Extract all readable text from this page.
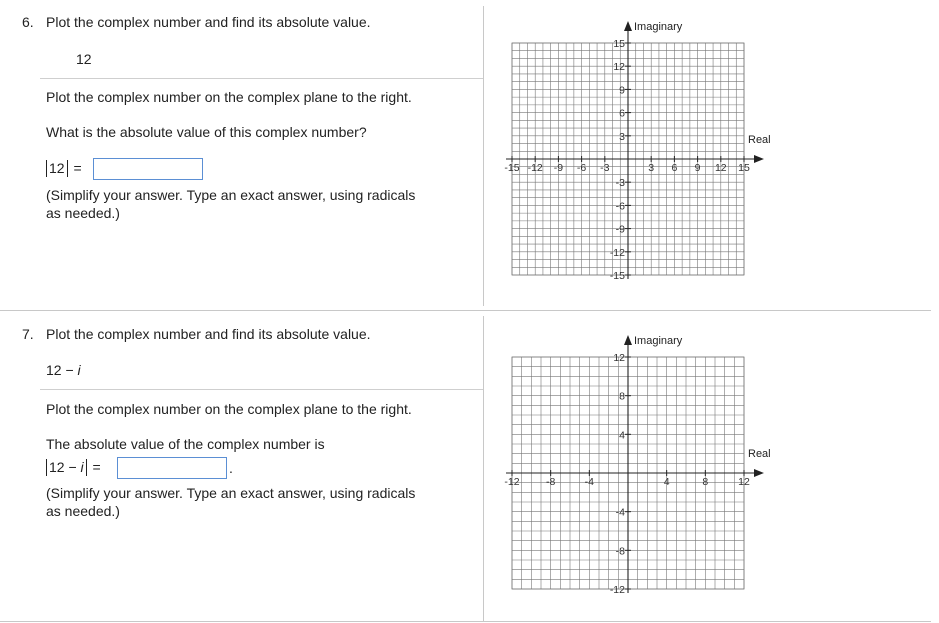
6. Plot the complex number and find its absolute value.
12
Plot the complex number on the complex plane to the right.
What is the absolute value of this complex number?
12 =
(Simplify your answer. Type an exact answer, using radicals
as needed.)
Real
Imaginary
-15 -12 -9 -6 -3	3 6 9 12 15
15
12
9
6
3
-3
-6
-9
-12
-15
7. Plot the complex number and find its absolute value.
12 − i
Plot the complex number on the complex plane to the right.
The absolute value of the complex number is
12 − i =	.
(Simplify your answer. Type an exact answer, using radicals
as needed.)
Real
Imaginary
-12	-8	-4	4	8	12
12
8
4
-4
-8
-12
